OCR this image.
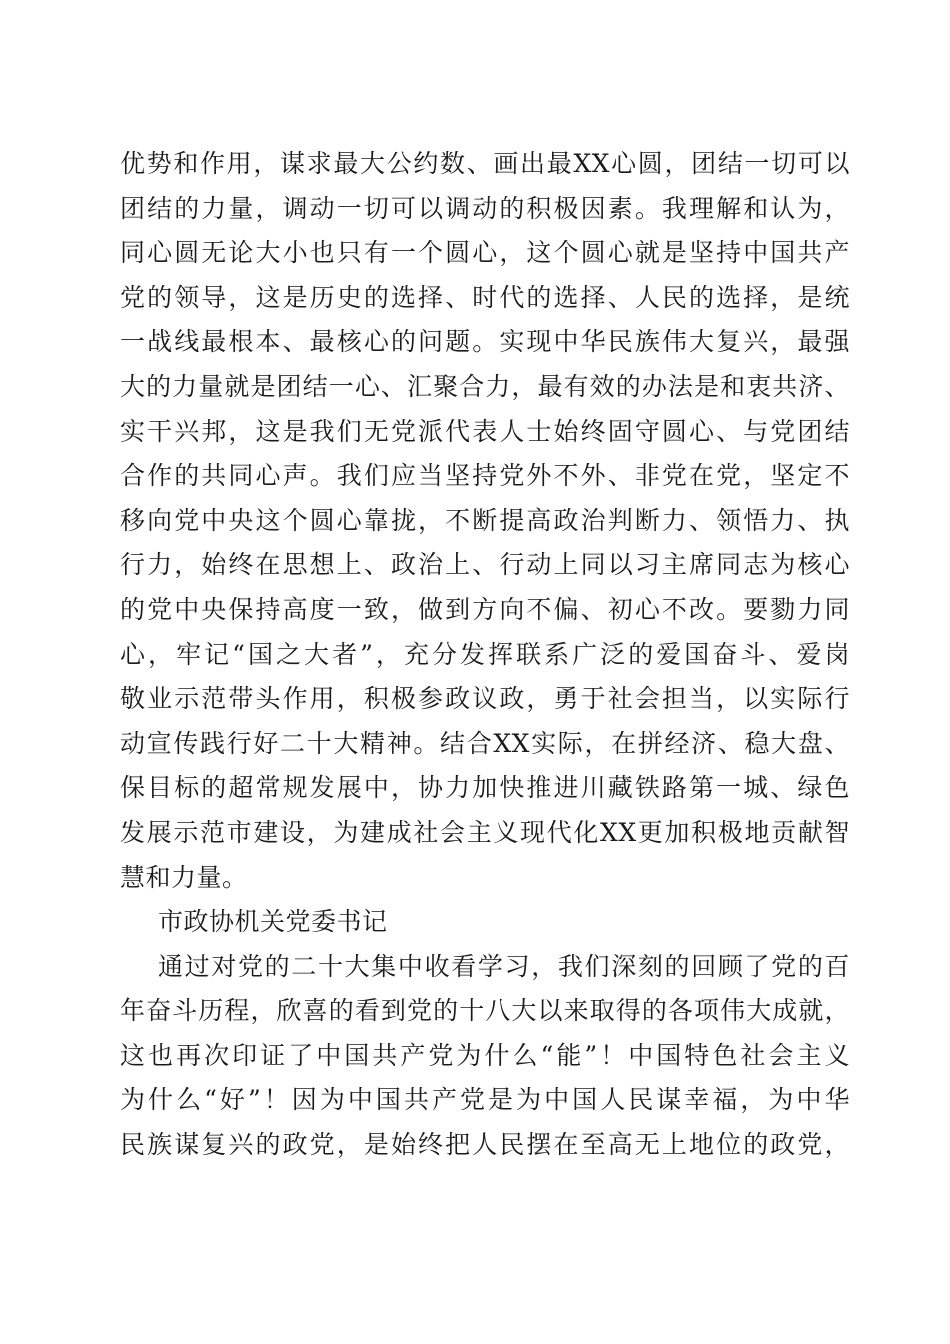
优势和作用，谋求最大公约数、画出最XX心圆，团结一切可以
团结的力量，调动一切可以调动的积极因素。我理解和认为，
同心圆无论大小也只有一个圆心，这个圆心就是坚持中国共产
党的领导，这是历史的选择、时代的选择、人民的选择，是统
一战线最根本、最核心的问题。实现中华民族伟大复兴，最强
大的力量就是团结一心、汇聚合力，最有效的办法是和衷共济、
实干兴邦，这是我们无党派代表人士始终固守圆心、与党团结
合作的共同心声。我们应当坚持党外不外、非党在党，坚定不
移向党中央这个圆心靠拢，不断提高政治判断力、领悟力、执
行力，始终在思想上、政治上、行动上同以习主席同志为核心
的党中央保持高度一致，做到方向不偏、初心不改。要勠力同
心，牢记“国之大者”，充分发挥联系广泛的爱国奋斗、爱岗
敬业示范带头作用，积极参政议政，勇于社会担当，以实际行
动宣传践行好二十大精神。结合XX实际，在拼经济、稳大盘、
保目标的超常规发展中，协力加快推进川藏铁路第一城、绿色
发展示范市建设，为建成社会主义现代化XX更加积极地贡献智
慧和力量。
市政协机关党委书记
通过对党的二十大集中收看学习，我们深刻的回顾了党的百
年奋斗历程，欣喜的看到党的十八大以来取得的各项伟大成就，
这也再次印证了中国共产党为什么“能”！中国特色社会主义
为什么“好”！因为中国共产党是为中国人民谋幸福，为中华
民族谋复兴的政党，是始终把人民摆在至高无上地位的政党，
